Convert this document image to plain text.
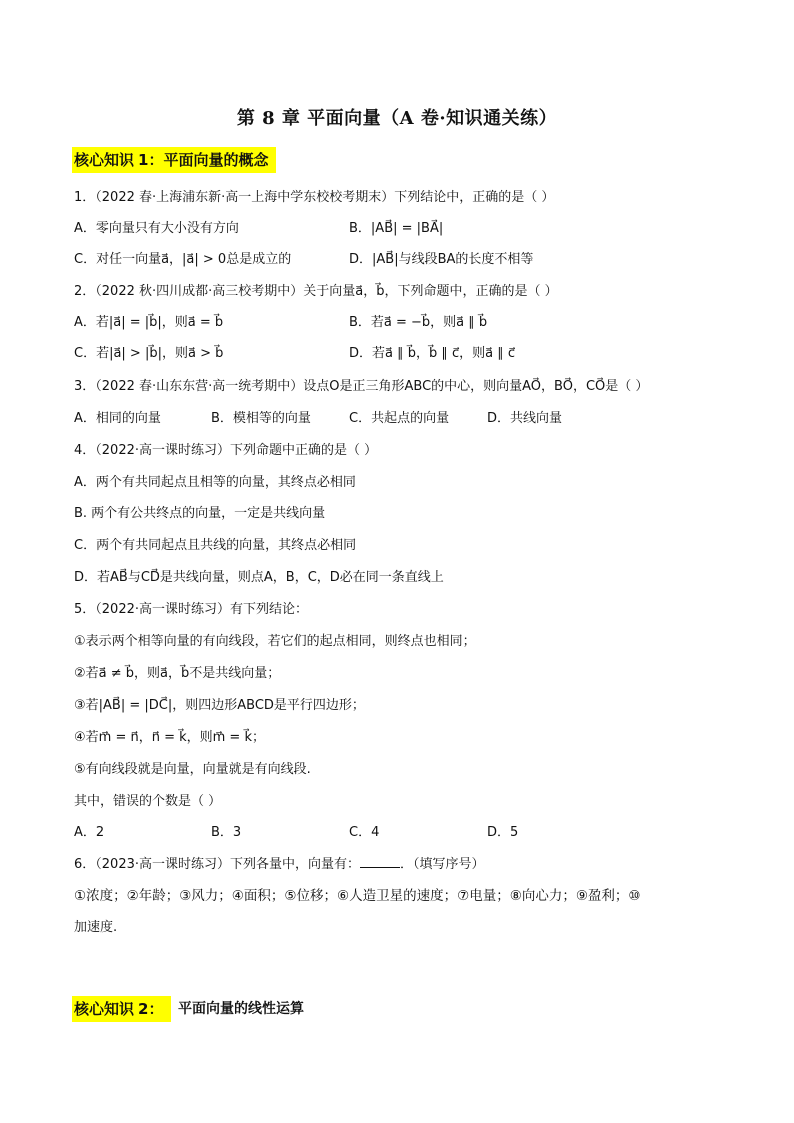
第 8 章 平面向量（A 卷·知识通关练）
核心知识 1：平面向量的概念
1．（2022 春·上海浦东新·高一上海中学东校校考期末）下列结论中，正确的是（ ）
A．零向量只有大小没有方向	B．|AB⃗| = |BA⃗|
C．对任一向量a⃗，|a⃗| > 0总是成立的	D．|AB⃗|与线段BA的长度不相等
2．（2022 秋·四川成都·高三校考期中）关于向量a⃗，b⃗，下列命题中，正确的是（ ）
A．若|a⃗| = |b⃗|，则a⃗ = b⃗	B．若a⃗ = −b⃗，则a⃗ ∥ b⃗
C．若|a⃗| > |b⃗|，则a⃗ > b⃗	D．若a⃗ ∥ b⃗，b⃗ ∥ c⃗，则a⃗ ∥ c⃗
3．（2022 春·山东东营·高一统考期中）设点O是正三角形ABC的中心，则向量AO⃗，BO⃗，CO⃗是（ ）
A．相同的向量	B．模相等的向量	C．共起点的向量	D．共线向量
4．（2022·高一课时练习）下列命题中正确的是（ ）
A．两个有共同起点且相等的向量，其终点必相同
B. 两个有公共终点的向量，一定是共线向量
C．两个有共同起点且共线的向量，其终点必相同
D．若AB⃗与CD⃗是共线向量，则点A，B，C，D必在同一条直线上
5．（2022·高一课时练习）有下列结论：
①表示两个相等向量的有向线段，若它们的起点相同，则终点也相同；
②若a⃗ ≠ b⃗，则a⃗，b⃗不是共线向量；
③若|AB⃗| = |DC⃗|，则四边形ABCD是平行四边形；
④若m⃗ = n⃗，n⃗ = k⃗，则m⃗ = k⃗；
⑤有向线段就是向量，向量就是有向线段.
其中，错误的个数是（ ）
A．2	B．3	C．4	D．5
6．（2023·高一课时练习）下列各量中，向量有：	．（填写序号）
①浓度；②年龄；③风力；④面积；⑤位移；⑥人造卫星的速度；⑦电量；⑧向心力；⑨盈利；⑩
加速度.
核心知识 2：	平面向量的线性运算
